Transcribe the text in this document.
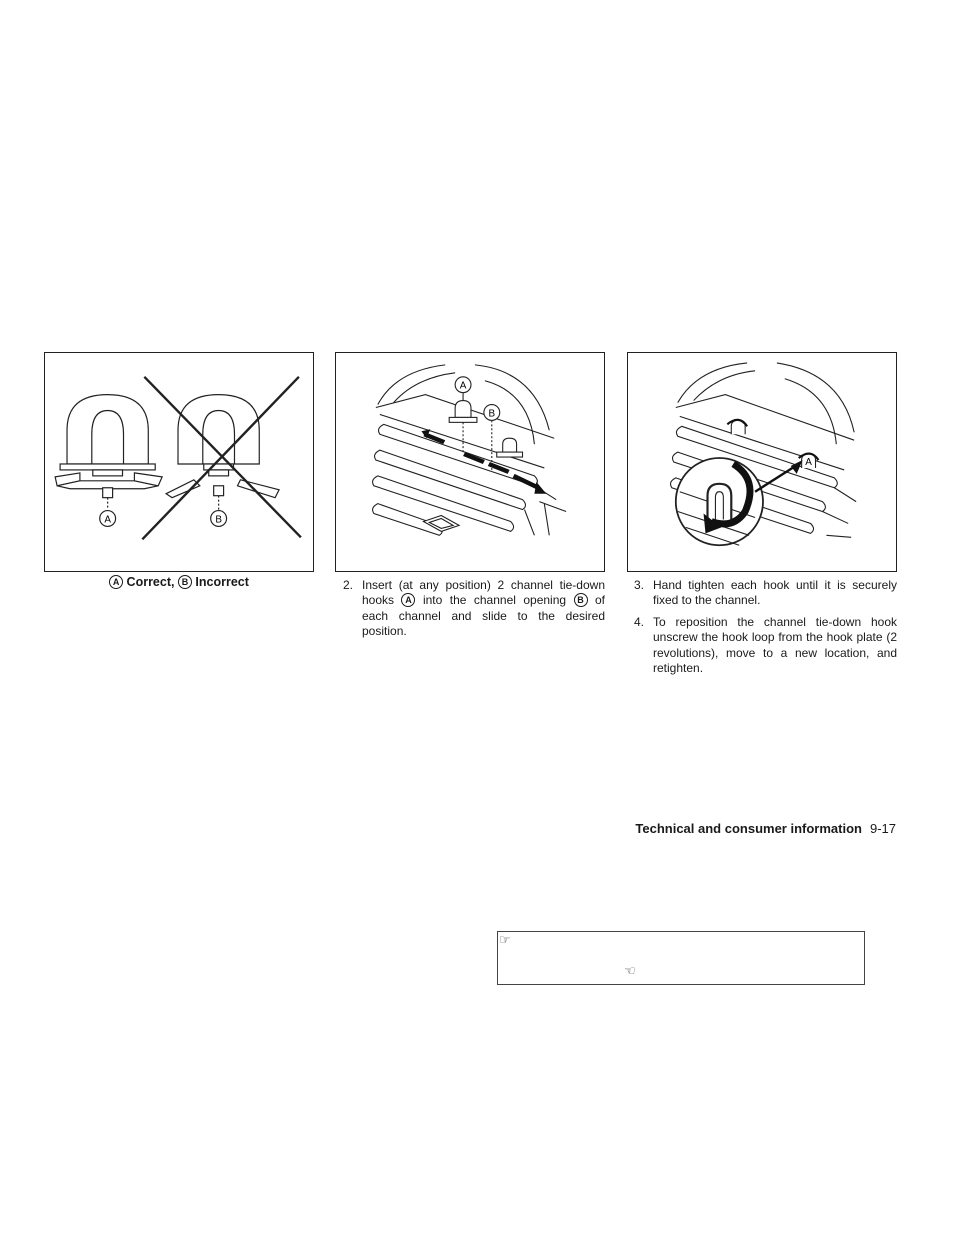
A	B
A
B
A
A Correct, B Incorrect	2. Insert (at any position) 2 channel tie-down hooks A into the channel opening B of each channel and slide to the desired position.
3. Hand tighten each hook until it is securely fixed to the channel.
4. To reposition the channel tie-down hook unscrew the hook loop from the hook plate (2 revolutions), move to a new location, and retighten.
Technical and consumer information 9-17
☞
☜
